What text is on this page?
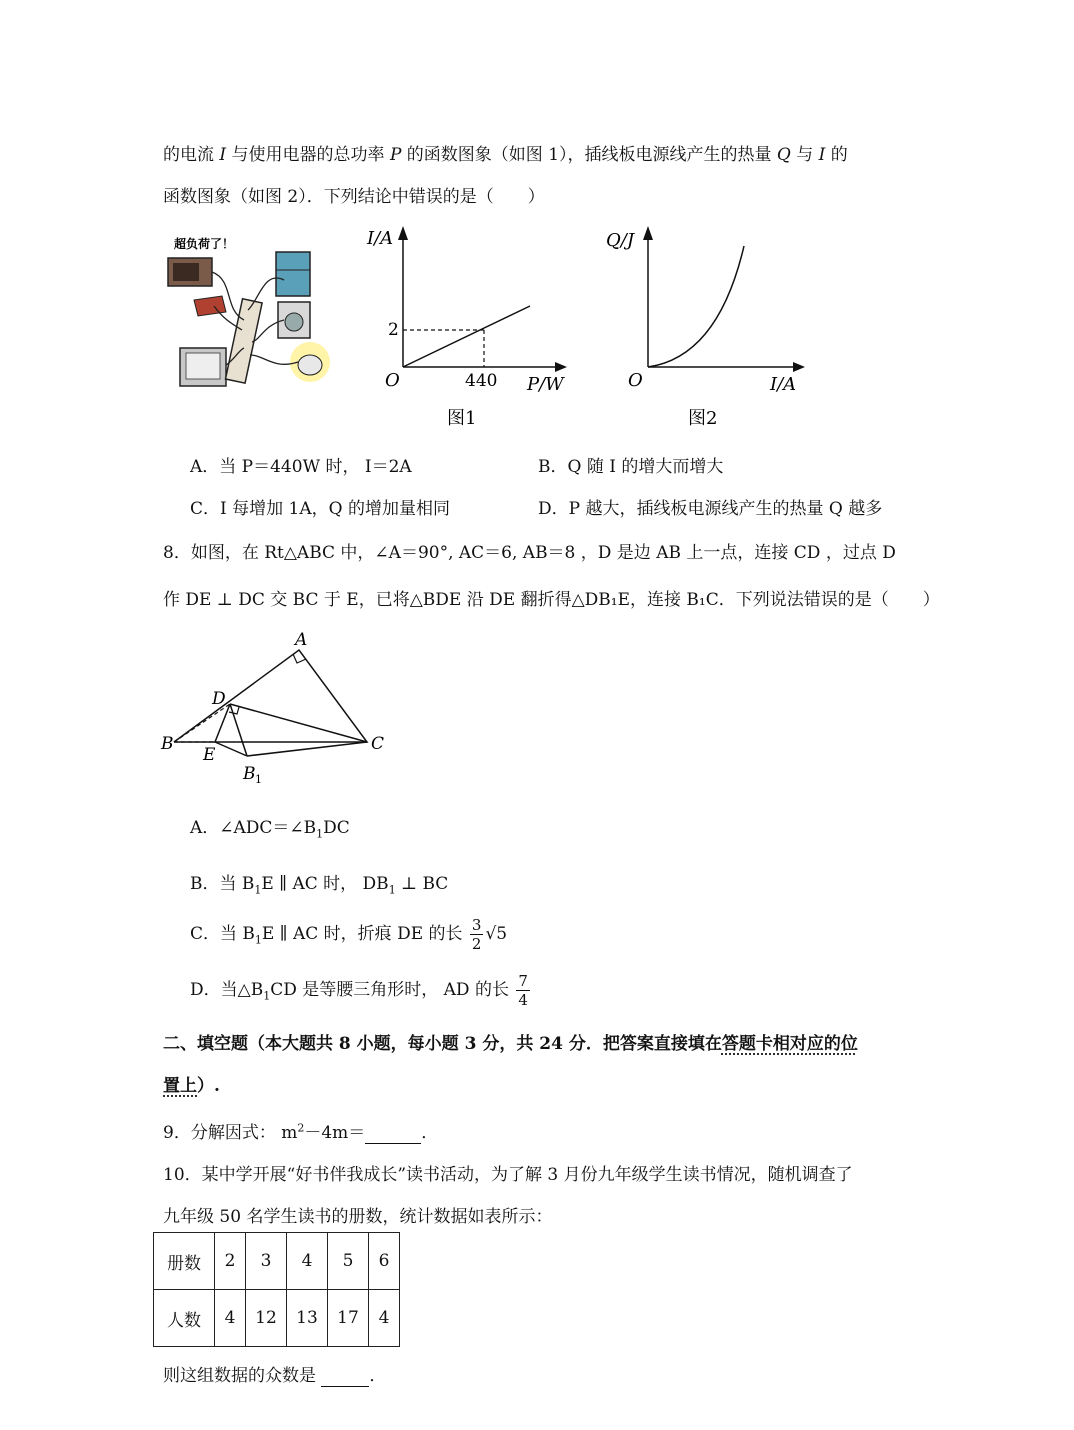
的电流 I 与使用电器的总功率 P 的函数图象（如图 1），插线板电源线产生的热量 Q 与 I 的
函数图象（如图 2）．下列结论中错误的是（　　）
超负荷了！	I/A
2
O	440 P/W
图1
Q/J
O	I/A
图2
A．当 P＝440W 时， I＝2A	B．Q 随 I 的增大而增大
C．I 每增加 1A，Q 的增加量相同	D．P 越大，插线板电源线产生的热量 Q 越多
8．如图，在 Rt△ABC 中，∠A＝90°, AC＝6, AB＝8 ，D 是边 AB 上一点，连接 CD ，过点 D
作 DE ⊥ DC 交 BC 于 E，已将△BDE 沿 DE 翻折得△DB₁E，连接 B₁C．下列说法错误的是（　　）
A
D
B
E
C
B 1
A．$\angle ADC=\angle B_1DC$
B．当 $B_1E$ ∥ AC 时， $DB_1$ ⊥ BC
C．当 $B_1E$ ∥ AC 时，折痕 DE 的长 $\frac{3}{2} √5$
D．当$\triangle B_1CD$ 是等腰三角形时， AD 的长 $\frac{7}{4}$
二、填空题（本大题共 8 小题，每小题 3 分，共 24 分．把答案直接填在答题卡相对应的位
置上）.
9．分解因式： $m^2-4m=$	．
10．某中学开展“好书伴我成长”读书活动，为了解 3 月份九年级学生读书情况，随机调查了
九年级 50 名学生读书的册数，统计数据如表所示：
册数	2	3	4	5	6
人数	4	12	13	17	4
则这组数据的众数是	．
